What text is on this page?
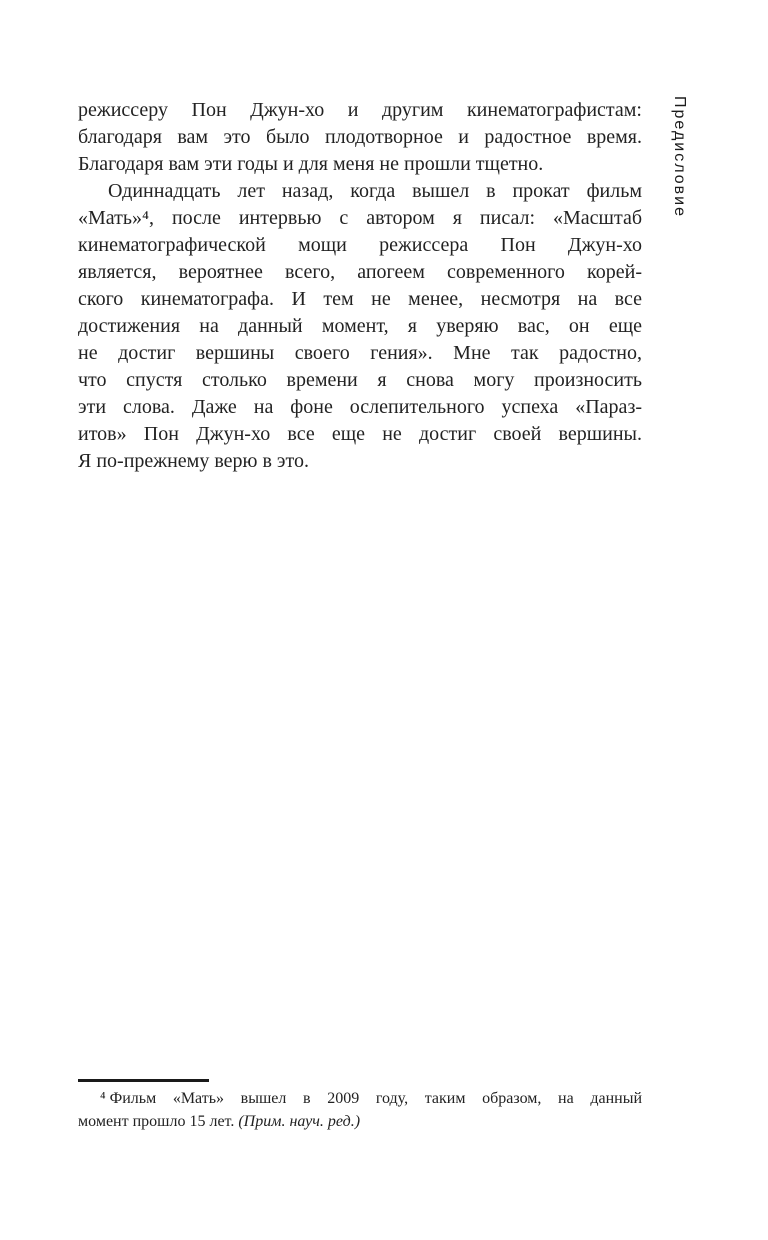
Предисловие
режиссеру Пон Джун-хо и другим кинематографистам:
благодаря вам это было плодотворное и радостное время.
Благодаря вам эти годы и для меня не прошли тщетно.
Одиннадцать лет назад, когда вышел в прокат фильм
«Мать»⁴, после интервью с автором я писал: «Масштаб
кинематографической мощи режиссера Пон Джун-хо
является, вероятнее всего, апогеем современного корей-
ского кинематографа. И тем не менее, несмотря на все
достижения на данный момент, я уверяю вас, он еще
не достиг вершины своего гения». Мне так радостно,
что спустя столько времени я снова могу произносить
эти слова. Даже на фоне ослепительного успеха «Параз-
итов» Пон Джун-хо все еще не достиг своей вершины.
Я по-прежнему верю в это.
⁴ Фильм «Мать» вышел в 2009 году, таким образом, на данный
момент прошло 15 лет. (Прим. науч. ред.)
